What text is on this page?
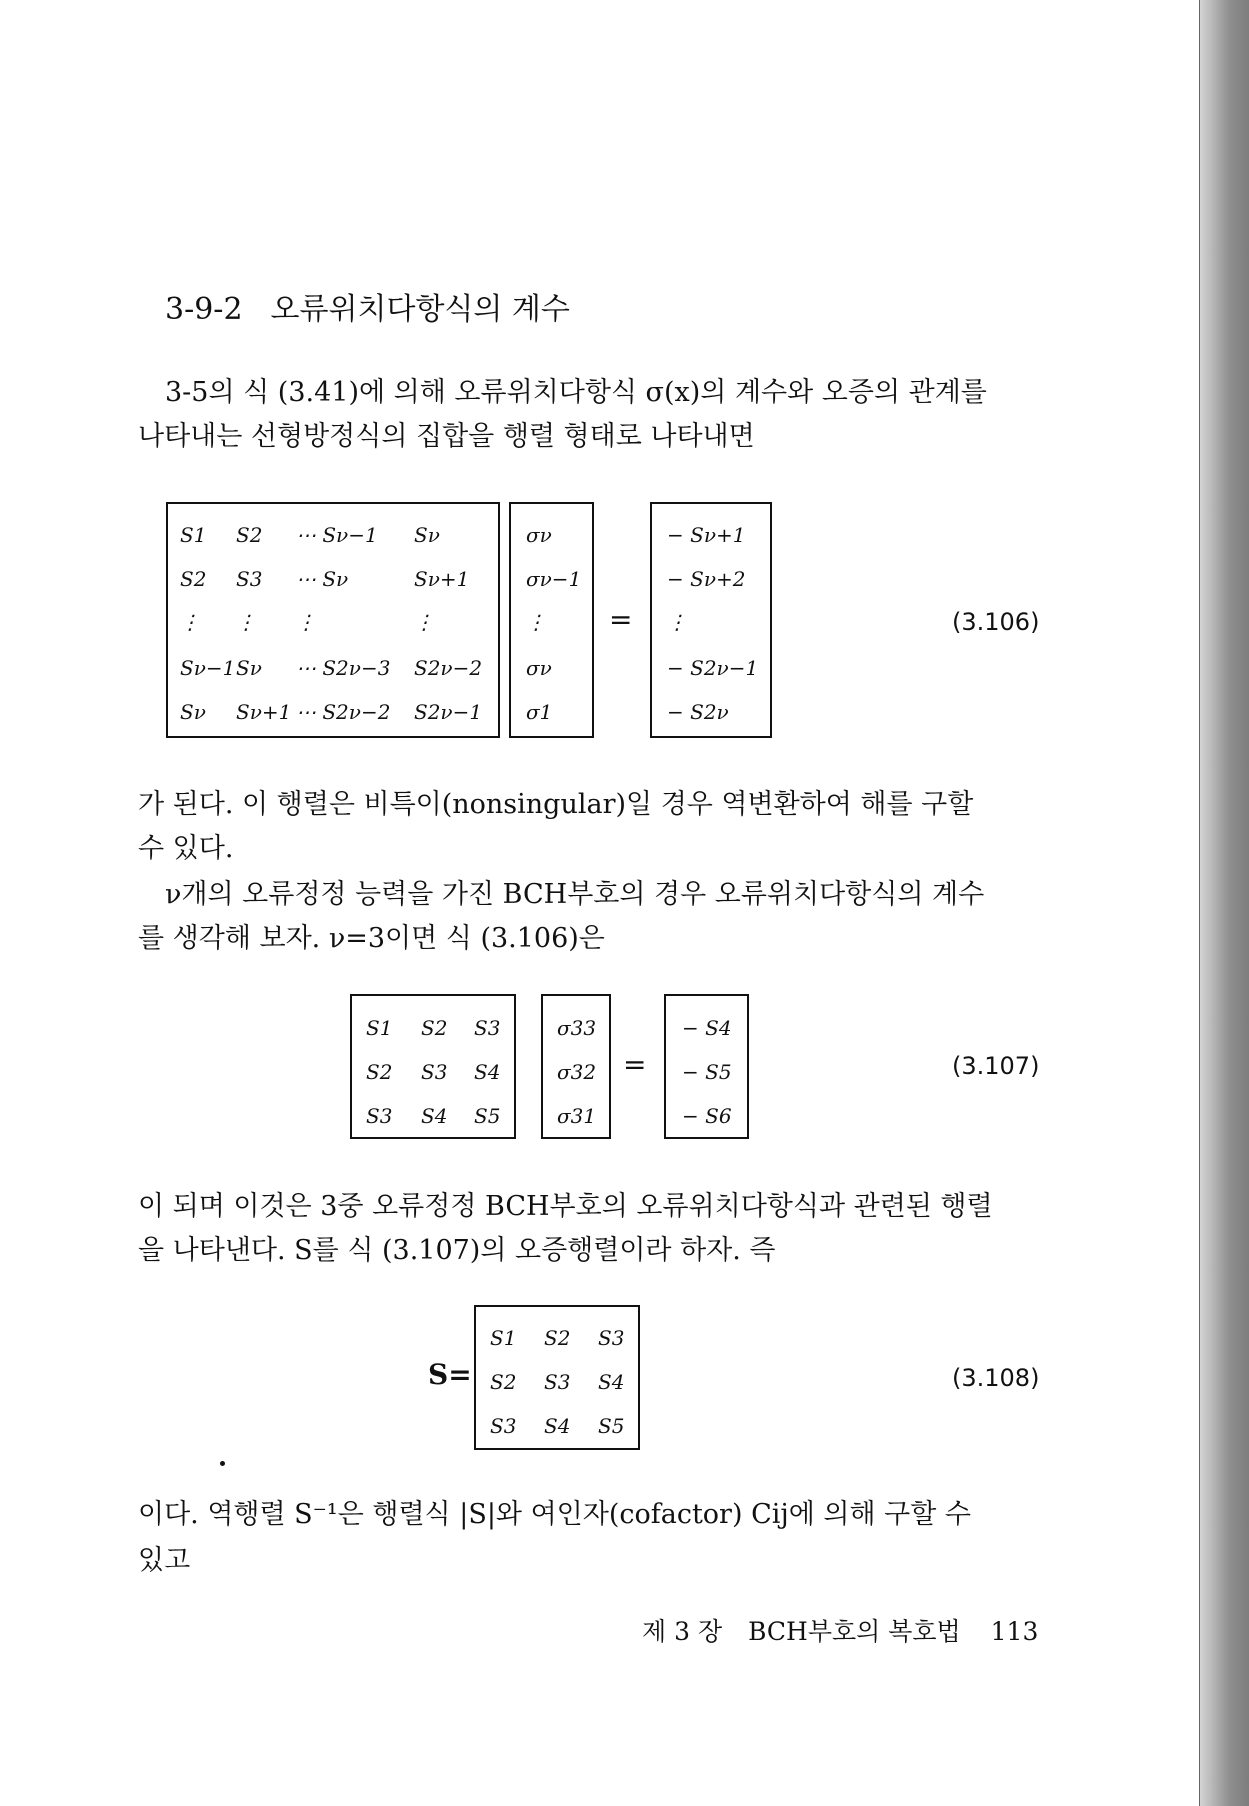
3-9-2 오류위치다항식의 계수
3-5의 식 (3.41)에 의해 오류위치다항식 σ(x)의 계수와 오증의 관계를
나타내는 선형방정식의 집합을 행렬 형태로 나타내면
=
S1 S2 ⋯ Sν−1 Sν
S2 S3 ⋯ Sν	Sν+1
⋮ ⋮ ⋮	⋮
Sν−1 Sν ⋯ S2ν−3 S2ν−2
Sν Sν+1 ⋯ S2ν−2 S2ν−1
σν
σν−1
⋮
σν
σ1
− Sν+1
− Sν+2
⋮
− S2ν−1
− S2ν
(3.106)
가 된다. 이 행렬은 비특이(nonsingular)일 경우 역변환하여 해를 구할
수 있다.
ν개의 오류정정 능력을 가진 BCH부호의 경우 오류위치다항식의 계수
를 생각해 보자. ν=3이면 식 (3.106)은
=
S1 S2 S3
S2 S3 S4
S3 S4 S5
σ33
σ32
σ31
− S4
− S5
− S6
(3.107)
이 되며 이것은 3중 오류정정 BCH부호의 오류위치다항식과 관련된 행렬
을 나타낸다. S를 식 (3.107)의 오증행렬이라 하자. 즉
S=
S1 S2 S3
S2 S3 S4
S3 S4 S5
(3.108)
이다. 역행렬 S⁻¹은 행렬식 |S|와 여인자(cofactor) Cij에 의해 구할 수
있고
제 3 장 BCH부호의 복호법 113
